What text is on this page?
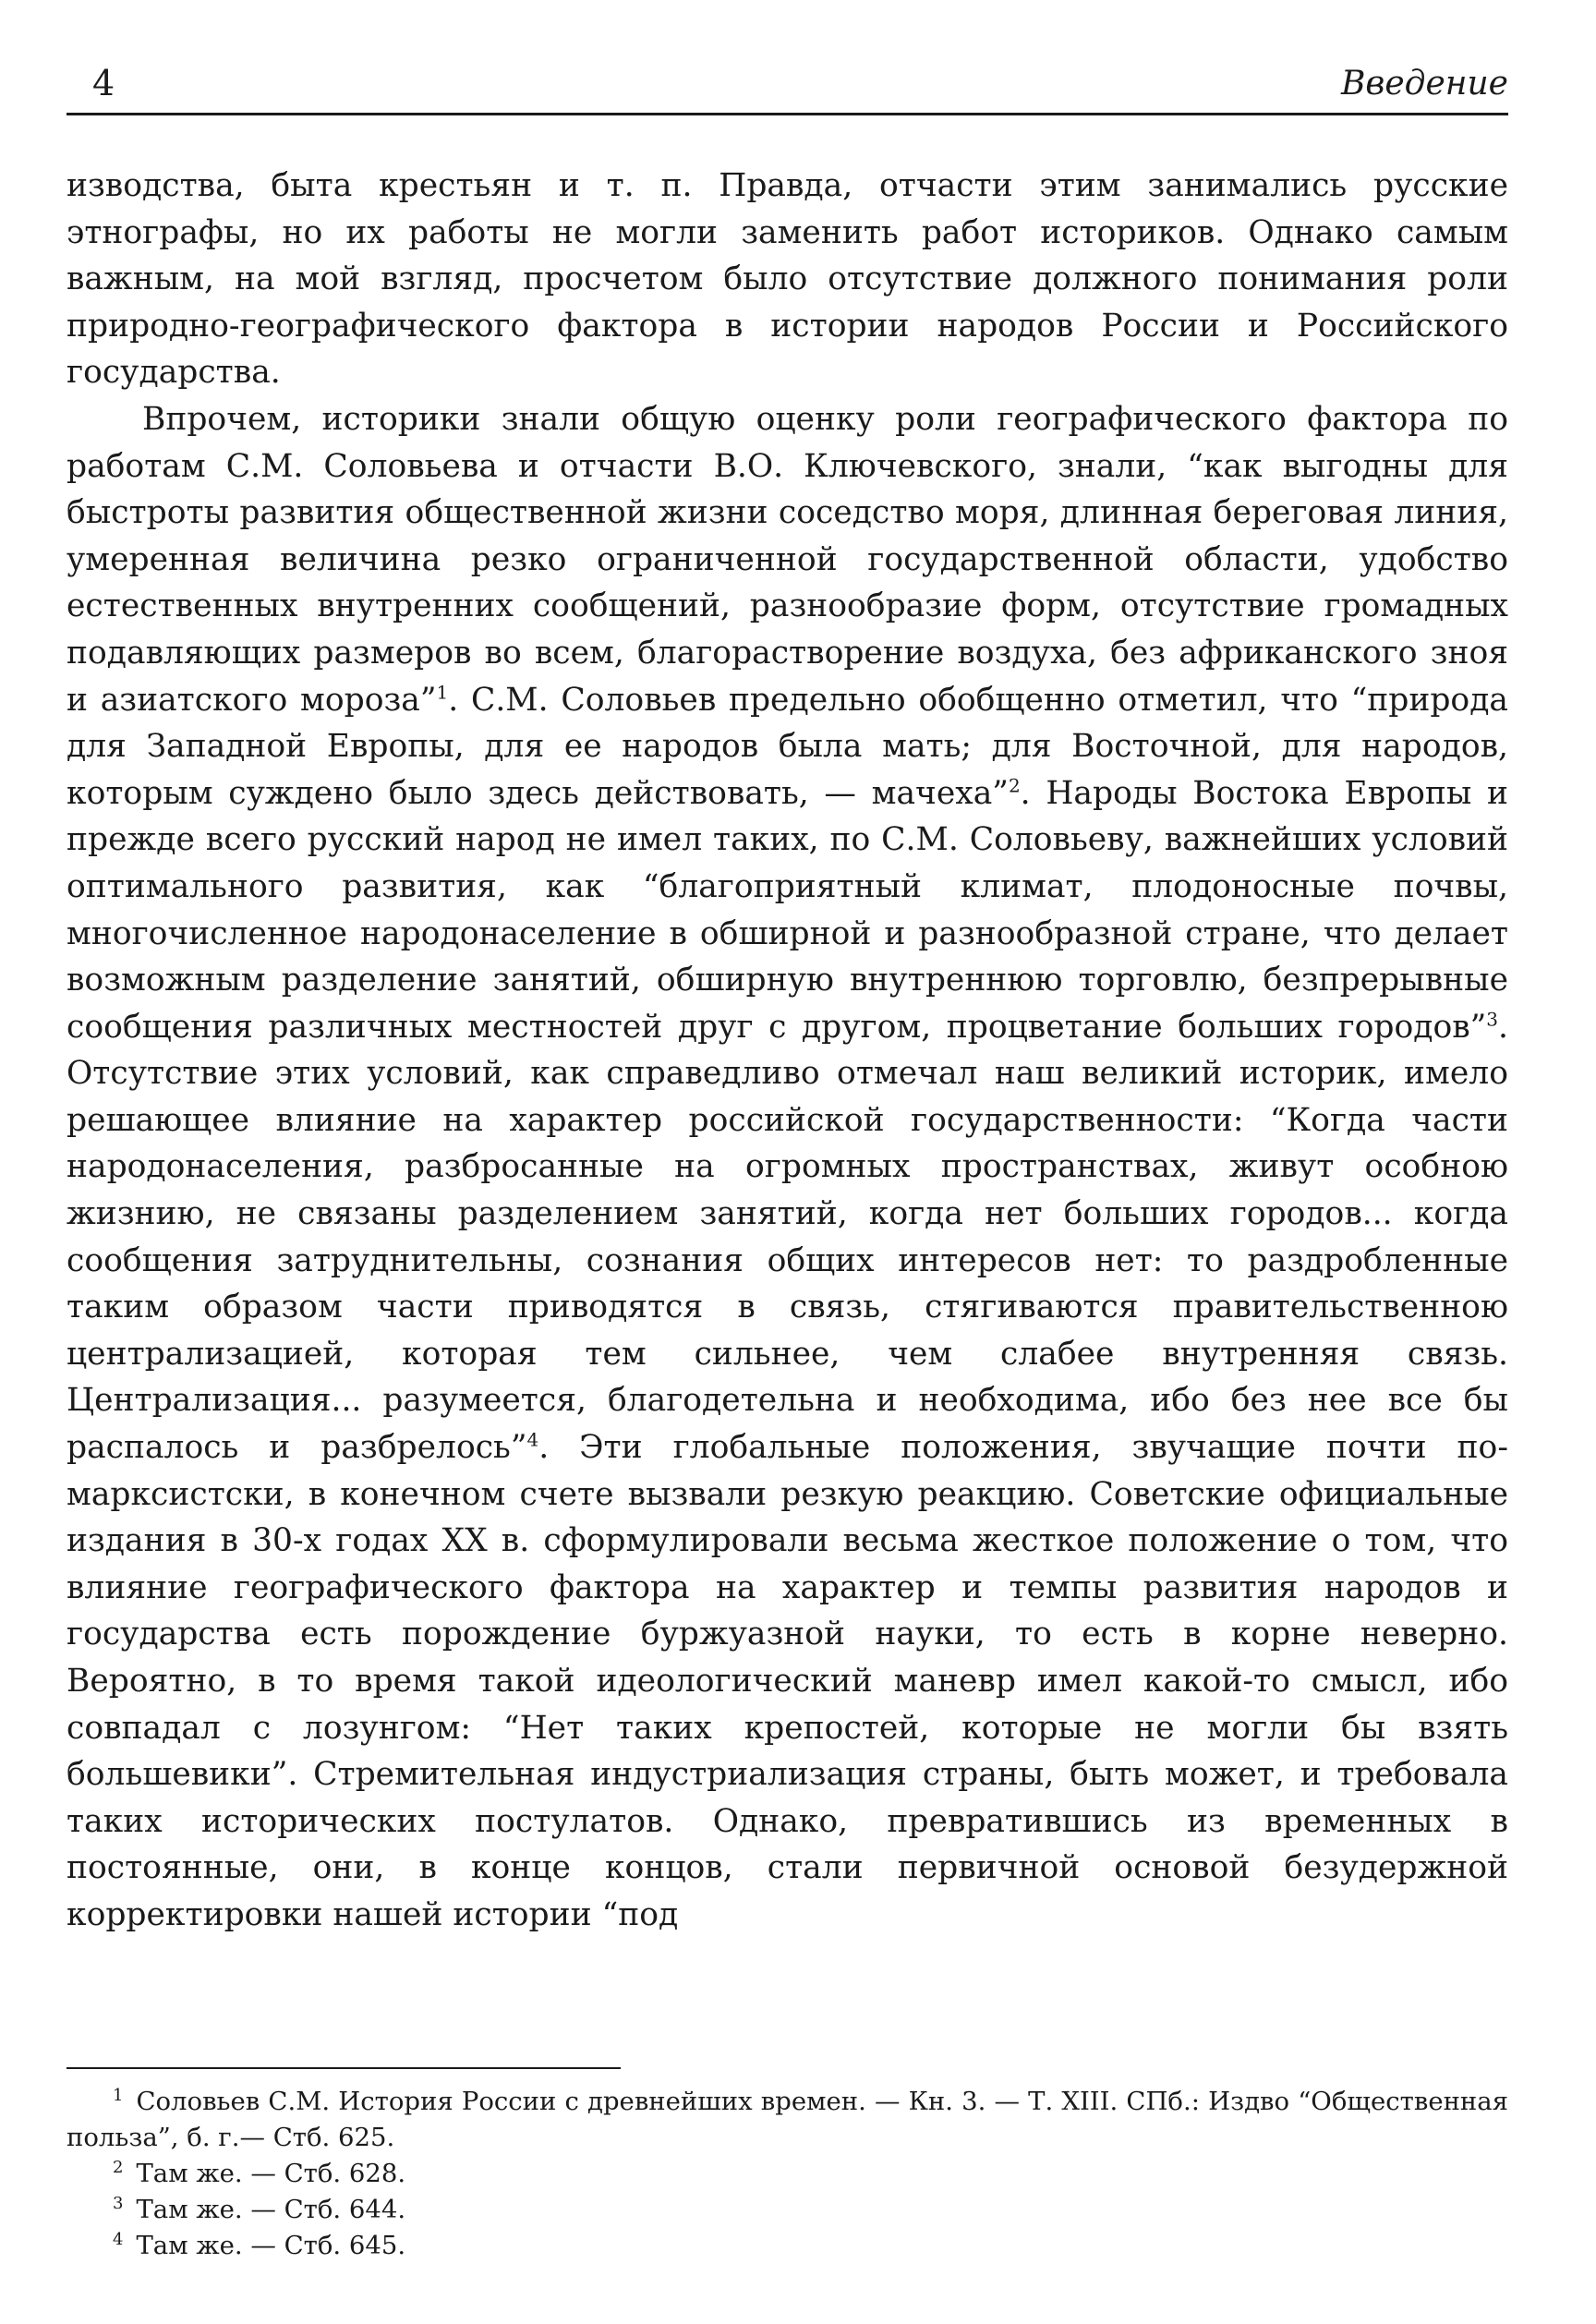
4	Введение

изводства, быта крестьян и т. п. Правда, отчасти этим занимались русские этнографы, но их работы не могли заменить работ историков. Однако самым важным, на мой взгляд, просчетом было отсутствие должного понимания роли природно-географического фактора в истории народов России и Российского государства.

Впрочем, историки знали общую оценку роли географического фактора по работам С.М. Соловьева и отчасти В.О. Ключевского, знали, “как выгодны для быстроты развития общественной жизни соседство моря, длинная береговая линия, умеренная величина резко ограниченной государственной области, удобство естественных внутренних сообщений, разнообразие форм, отсутствие громадных подавляющих размеров во всем, благорастворение воздуха, без африканского зноя и азиатского мороза”$^1$. С.М. Соловьев предельно обобщенно отметил, что “природа для Западной Европы, для ее народов была мать; для Восточной, для народов, которым суждено было здесь действовать, — мачеха”$^2$. Народы Востока Европы и прежде всего русский народ не имел таких, по С.М. Соловьеву, важнейших условий оптимального развития, как “благоприятный климат, плодоносные почвы, многочисленное народонаселение в обширной и разнообразной стране, что делает возможным разделение занятий, обширную внутреннюю торговлю, безпрерывные сообщения различных местностей друг с другом, процветание больших городов”$^3$. Отсутствие этих условий, как справедливо отмечал наш великий историк, имело решающее влияние на характер российской государственности: “Когда части народонаселения, разбросанные на огромных пространствах, живут особною жизнию, не связаны разделением занятий, когда нет больших городов... когда сообщения затруднительны, сознания общих интересов нет: то раздробленные таким образом части приводятся в связь, стягиваются правительственною централизацией, которая тем сильнее, чем слабее внутренняя связь. Централизация... разумеется, благодетельна и необходима, ибо без нее все бы распалось и разбрелось”$^4$. Эти глобальные положения, звучащие почти по-марксистски, в конечном счете вызвали резкую реакцию. Советские официальные издания в 30-х годах XX в. сформулировали весьма жесткое положение о том, что влияние географического фактора на характер и темпы развития народов и государства есть порождение буржуазной науки, то есть в корне неверно. Вероятно, в то время такой идеологический маневр имел какой-то смысл, ибо совпадал с лозунгом: “Нет таких крепостей, которые не могли бы взять большевики”. Стремительная индустриализация страны, быть может, и требовала таких исторических постулатов. Однако, превратившись из временных в постоянные, они, в конце концов, стали первичной основой безудержной корректировки нашей истории “под

$^1$ Соловьев С.М. История России с древнейших времен. — Кн. 3. — Т. XIII. СПб.: Издво “Общественная польза”, б. г.— Стб. 625.

$^2$ Там же. — Стб. 628.

$^3$ Там же. — Стб. 644.

$^4$ Там же. — Стб. 645.
